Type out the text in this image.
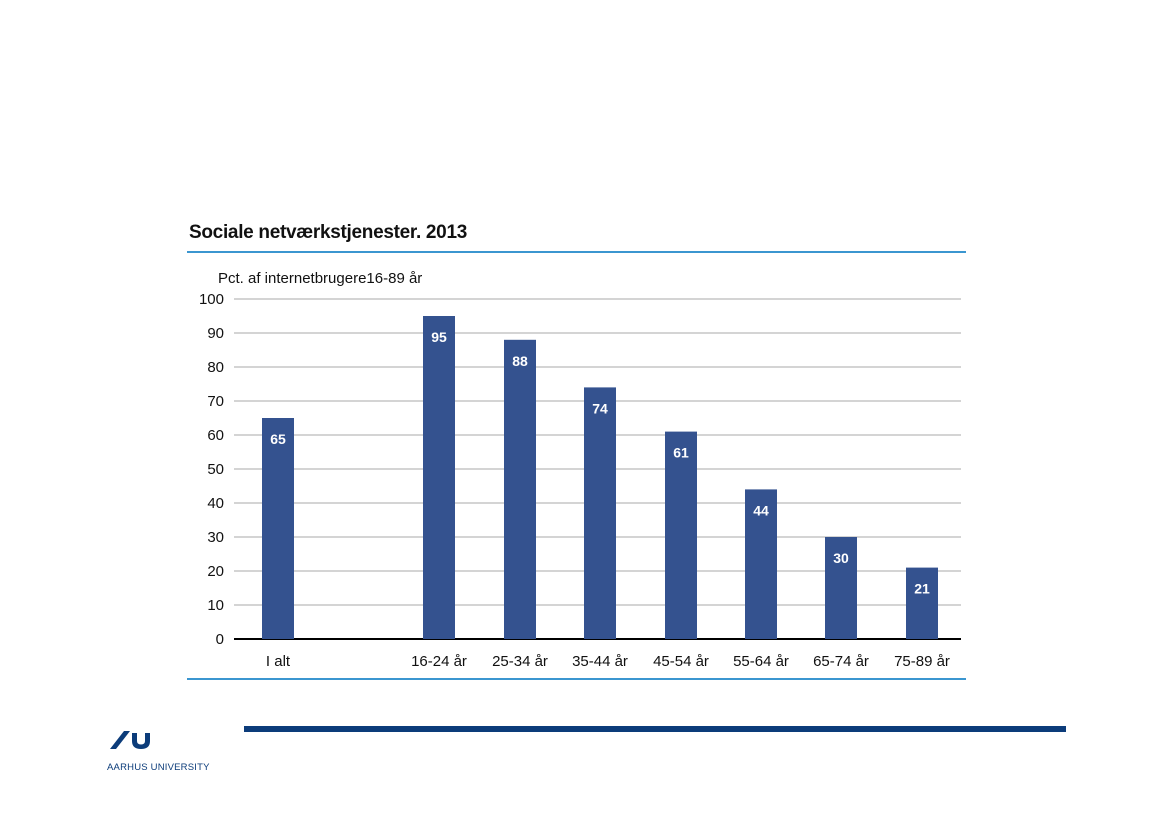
Sociale netværkstjenester. 2013
Pct. af internetbrugere16-89 år
0
10
20
30
40
50
60
70
80
90
100
65
95
88
74
61
44
30
21
I alt	16-24 år 25-34 år 35-44 år 45-54 år 55-64 år 65-74 år 75-89 år
AARHUS UNIVERSITY
